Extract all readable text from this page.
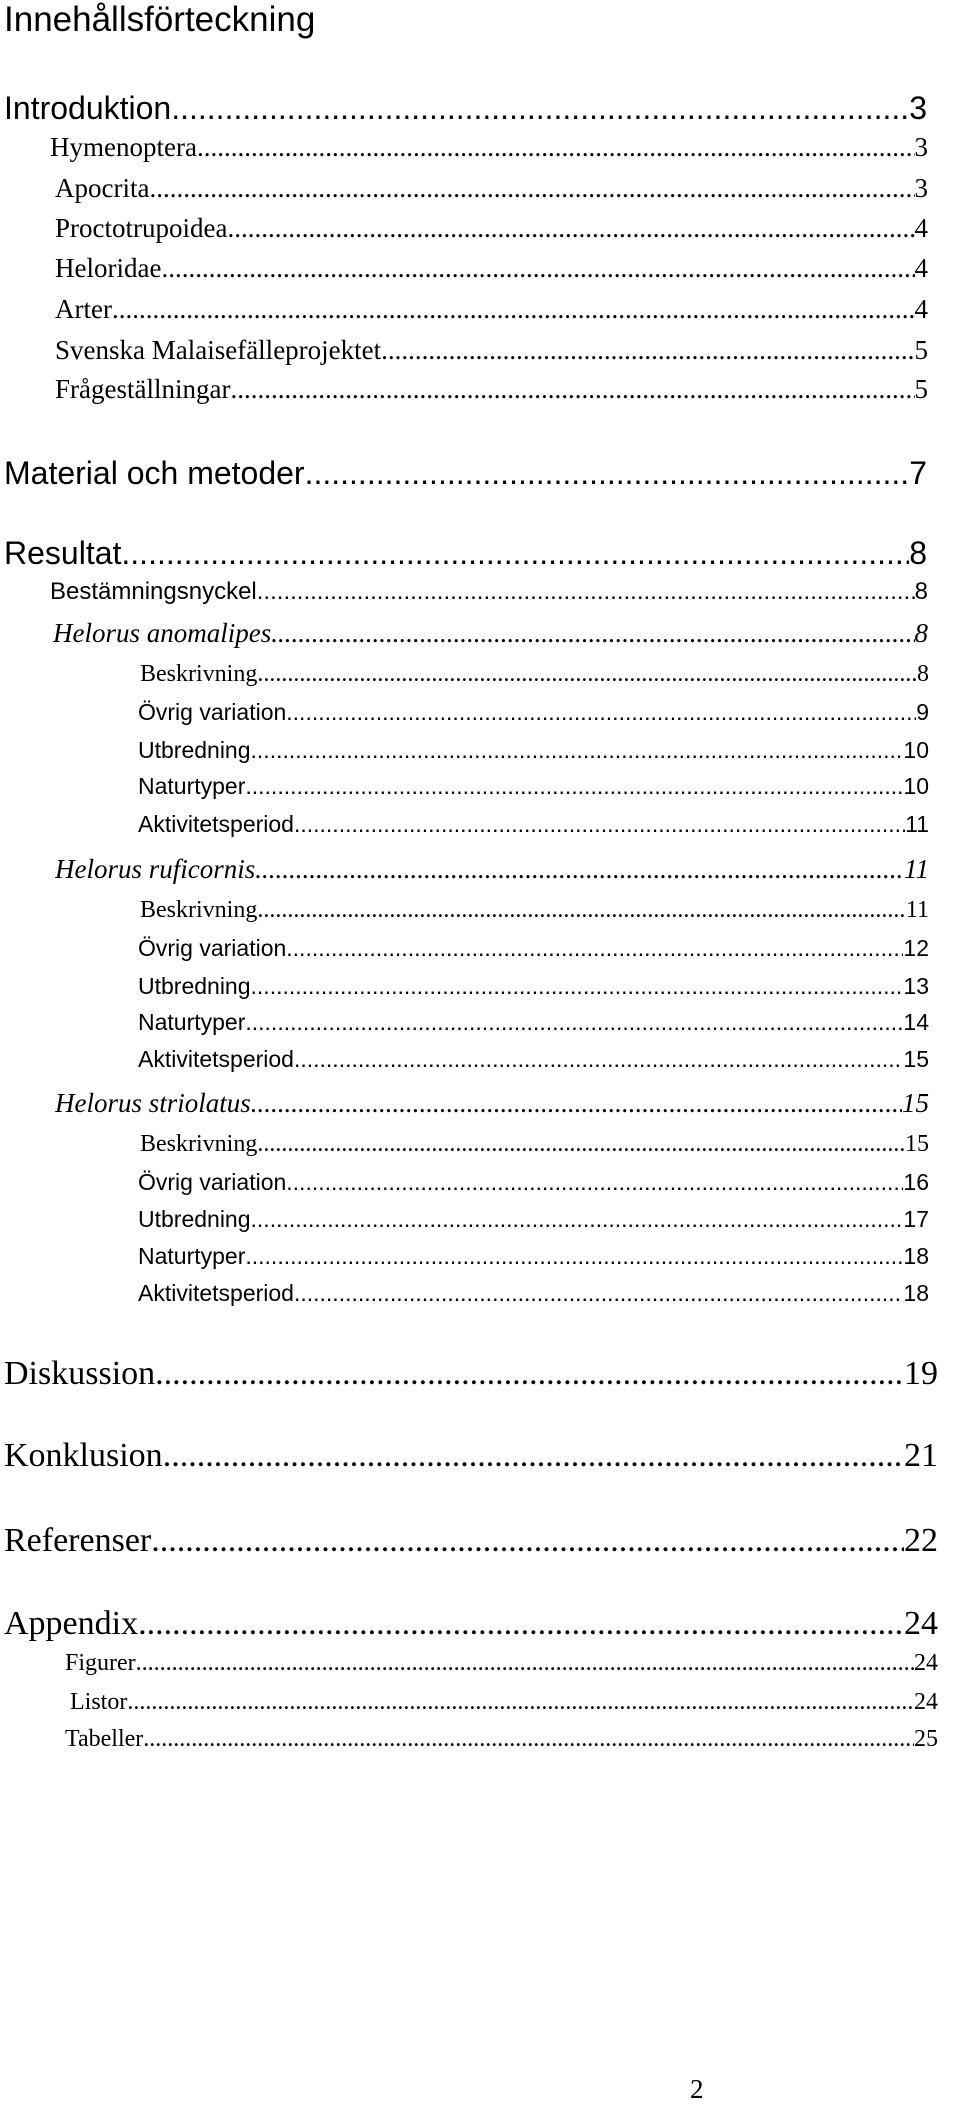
Innehållsförteckning
Introduktion .....	3
Hymenoptera .....	3
Apocrita .....	3
Proctotrupoidea .....	4
Heloridae .....	4
Arter .....	4
Svenska Malaisefälleprojektet .....	5
Frågeställningar .....	5
Material och metoder .....	7
Resultat .....	8
Bestämningsnyckel .....	8
Helorus anomalipes .....	8
Beskrivning .....	8
Övrig variation .....	9
Utbredning .....	10
Naturtyper .....	10
Aktivitetsperiod .....	11
Helorus ruficornis .....	11
Beskrivning .....	11
Övrig variation .....	12
Utbredning .....	13
Naturtyper .....	14
Aktivitetsperiod .....	15
Helorus striolatus .....	15
Beskrivning .....	15
Övrig variation .....	16
Utbredning .....	17
Naturtyper .....	18
Aktivitetsperiod .....	18
Diskussion .....	19
Konklusion .....	21
Referenser .....	22
Appendix .....	24
Figurer .....	24
Listor .....	24
Tabeller .....	25
2
